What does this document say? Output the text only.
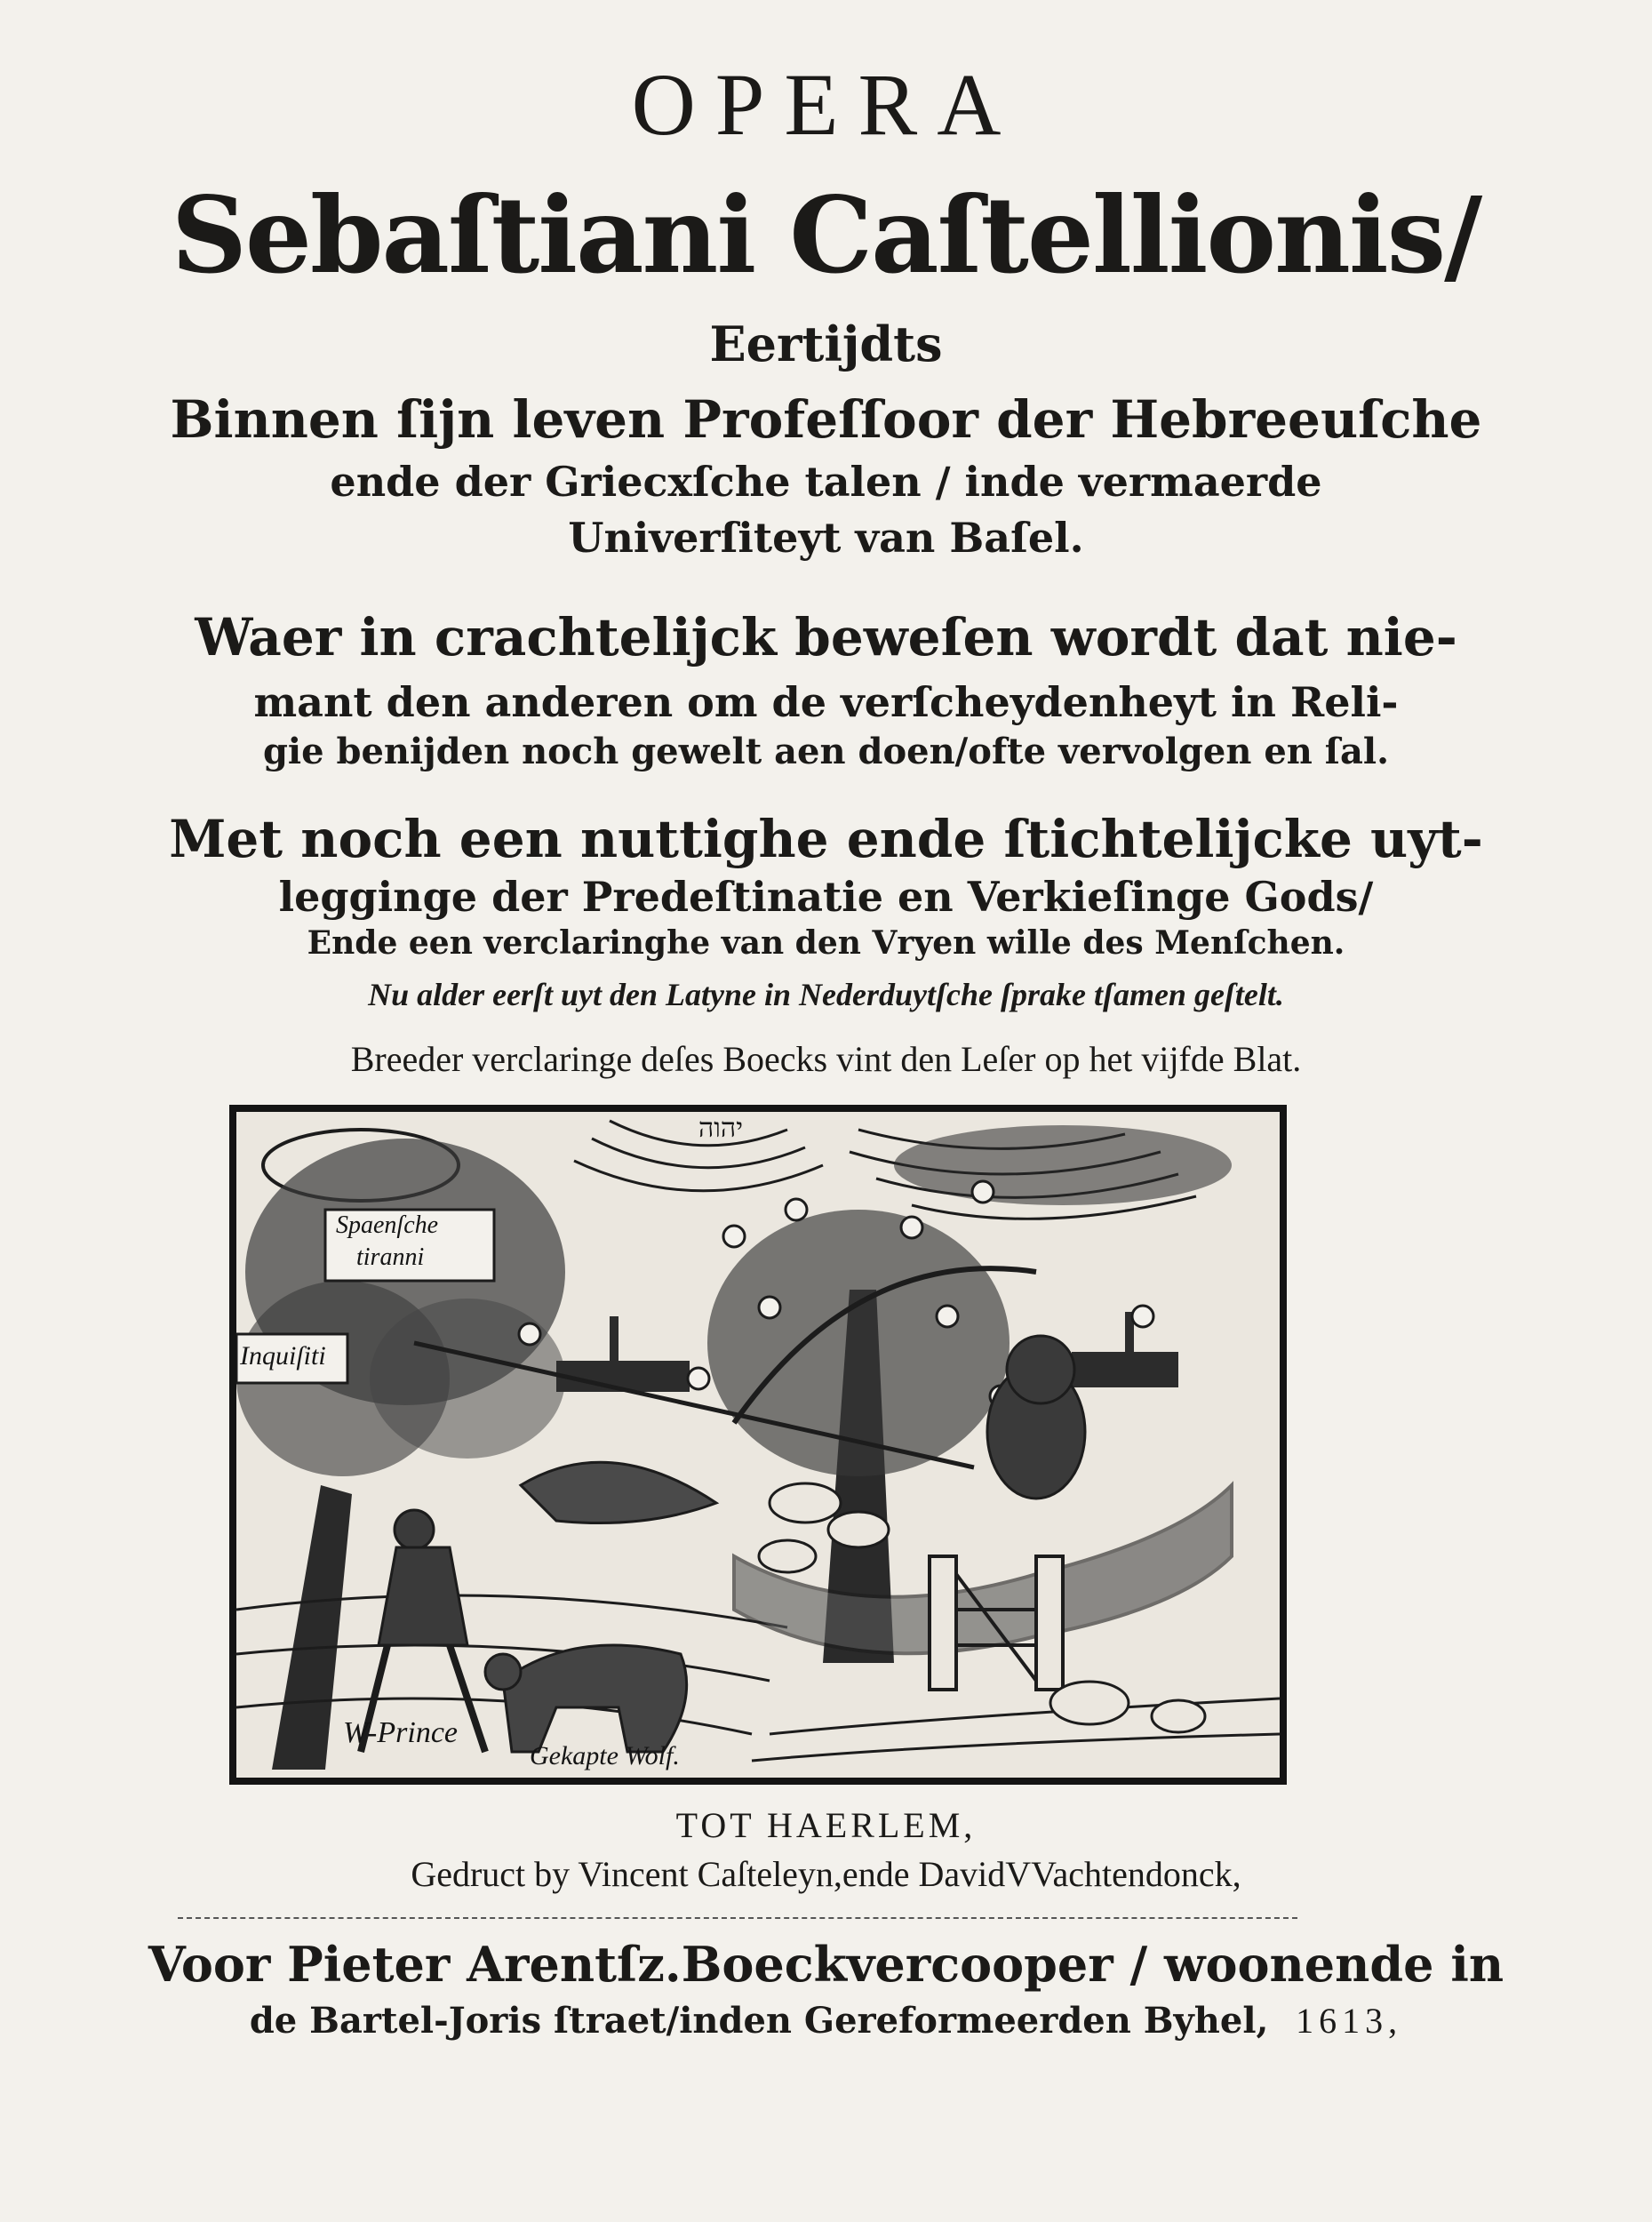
OPERA
Sebaſtiani Caſtellionis/
Eertijdts
Binnen ſijn leven Profeſſoor der Hebreeuſche
ende der Griecxſche talen / inde vermaerde
Univerſiteyt van Baſel.
Waer in crachtelijck beweſen wordt dat nie-
mant den anderen om de verſcheydenheyt in Reli-
gie benijden noch gewelt aen doen/ofte vervolgen en ſal.
Met noch een nuttighe ende ſtichtelijcke uyt-
legginge der Predeſtinatie en Verkieſinge Gods/
Ende een verclaringhe van den Vryen wille des Menſchen.
Nu alder eerſt uyt den Latyne in Nederduytſche ſprake tſamen geſtelt.
Breeder verclaringe deſes Boecks vint den Leſer op het vijfde Blat.
יהוה
Spaenſche
tiranni
Inquiſiti
W-Prince
Gekapte Wolf.
TOT HAERLEM,
Gedruct by Vincent Caſteleyn,ende DavidVVachtendonck,
Voor Pieter Arentſz.Boeckvercooper / woonende in
de Bartel-Joris ſtraet/inden Gereformeerden Byhel, 1613,
